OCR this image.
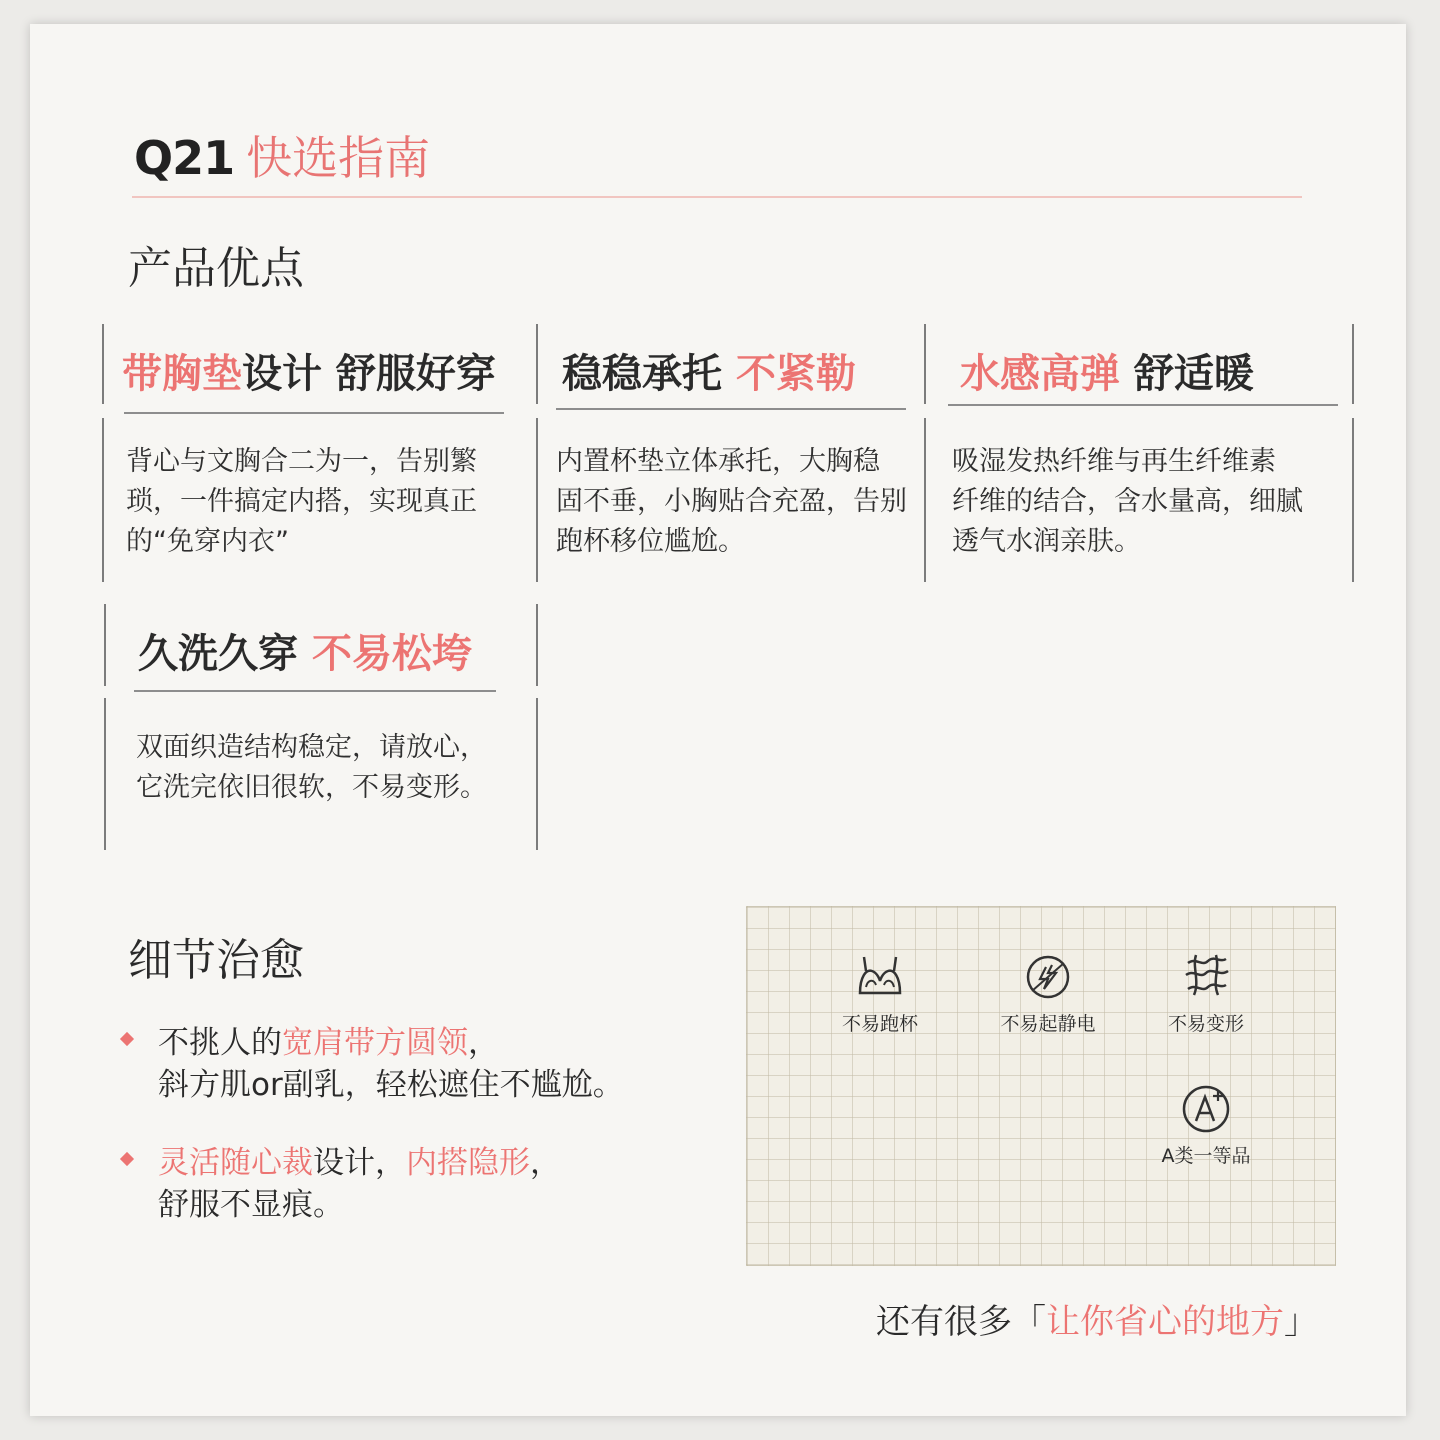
Q21 快选指南
产品优点
带胸垫设计 舒服好穿
背心与文胸合二为一，告别繁
琐，一件搞定内搭，实现真正
的“免穿内衣”
稳稳承托 不紧勒
内置杯垫立体承托，大胸稳
固不垂，小胸贴合充盈，告别
跑杯移位尴尬。
水感高弹 舒适暖
吸湿发热纤维与再生纤维素
纤维的结合，含水量高，细腻
透气水润亲肤。
久洗久穿 不易松垮
双面织造结构稳定，请放心，
它洗完依旧很软，不易变形。
细节治愈
不挑人的宽肩带方圆领，
斜方肌or副乳，轻松遮住不尴尬。
灵活随心裁设计，内搭隐形，
舒服不显痕。
不易跑杯	不易起静电	不易变形
A类一等品
还有很多「让你省心的地方」
